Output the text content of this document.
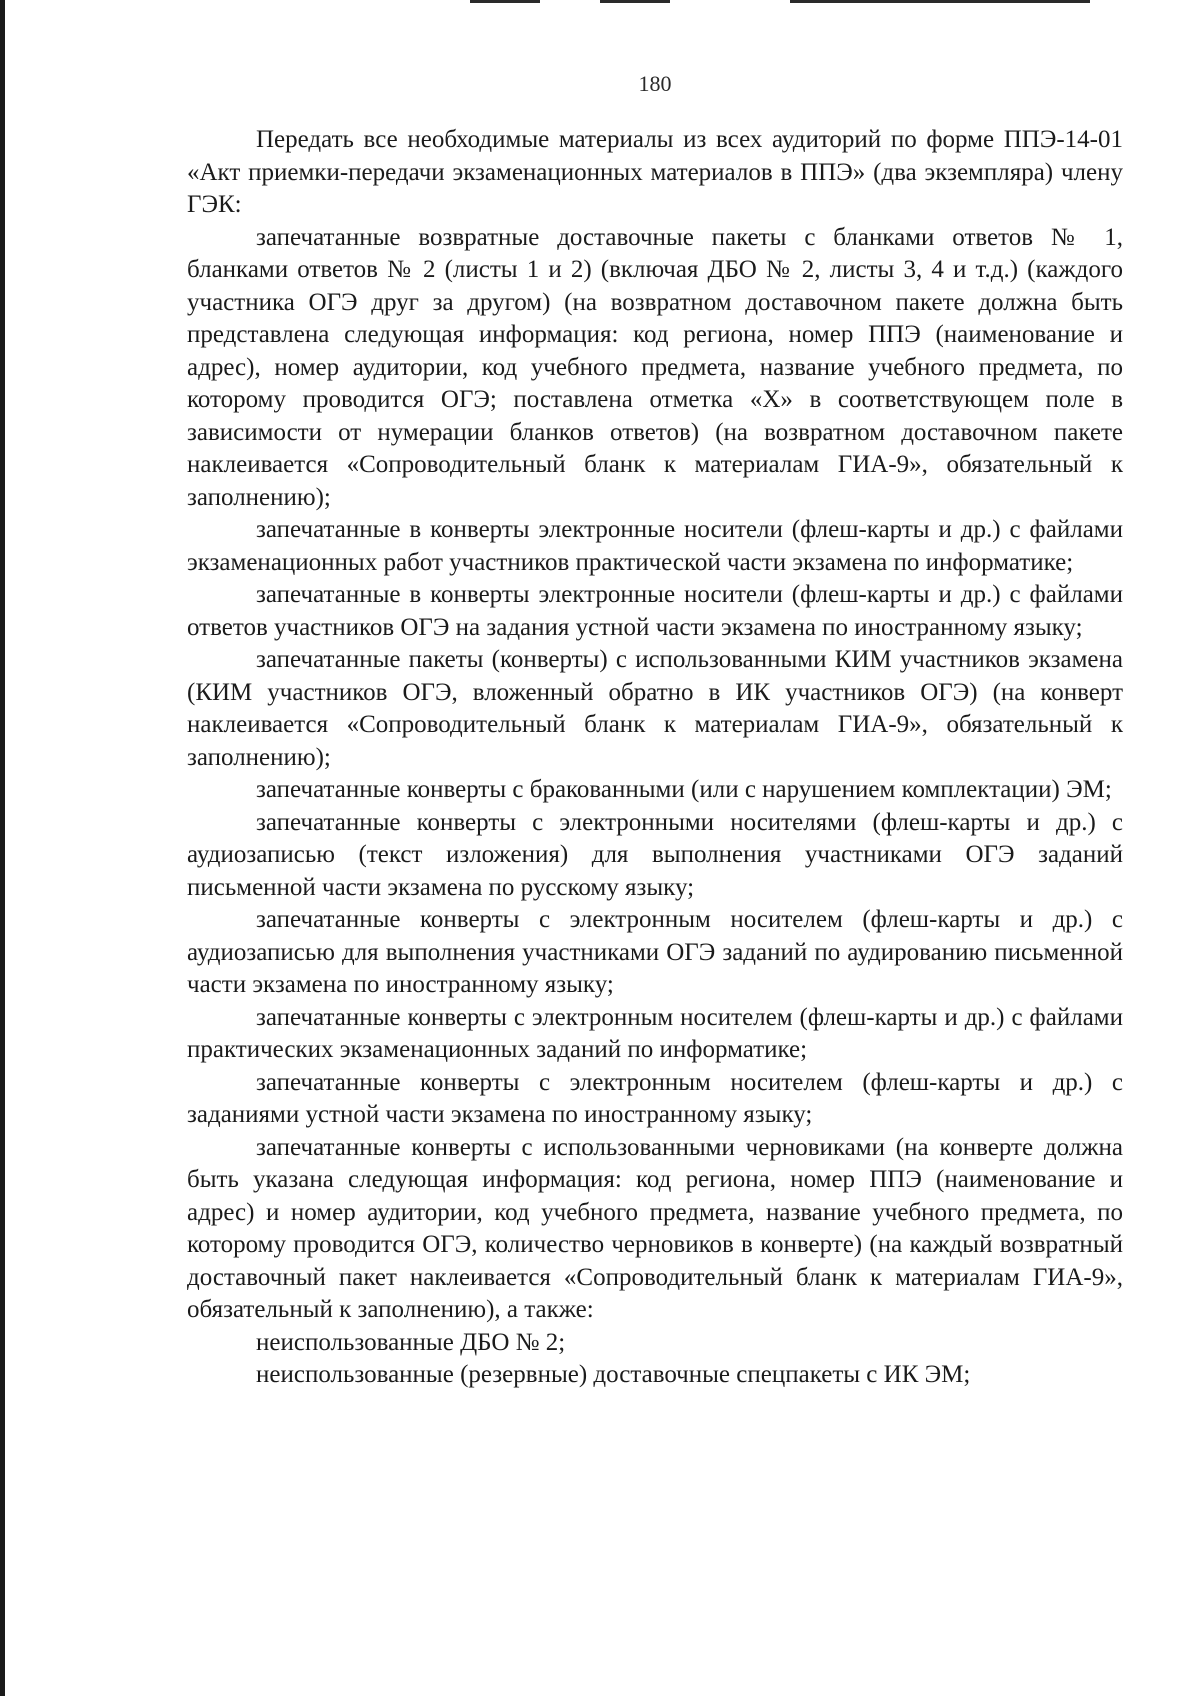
180

Передать все необходимые материалы из всех аудиторий по форме ППЭ-14-01 «Акт приемки-передачи экзаменационных материалов в ППЭ» (два экземпляра) члену ГЭК:

запечатанные возвратные доставочные пакеты с бланками ответов № 1, бланками ответов № 2 (листы 1 и 2) (включая ДБО № 2, листы 3, 4 и т.д.) (каждого участника ОГЭ друг за другом) (на возвратном доставочном пакете должна быть представлена следующая информация: код региона, номер ППЭ (наименование и адрес), номер аудитории, код учебного предмета, название учебного предмета, по которому проводится ОГЭ; поставлена отметка «Х» в соответствующем поле в зависимости от нумерации бланков ответов) (на возвратном доставочном пакете наклеивается «Сопроводительный бланк к материалам ГИА-9», обязательный к заполнению);

запечатанные в конверты электронные носители (флеш-карты и др.) с файлами экзаменационных работ участников практической части экзамена по информатике;

запечатанные в конверты электронные носители (флеш-карты и др.) с файлами ответов участников ОГЭ на задания устной части экзамена по иностранному языку;

запечатанные пакеты (конверты) с использованными КИМ участников экзамена (КИМ участников ОГЭ, вложенный обратно в ИК участников ОГЭ) (на конверт наклеивается «Сопроводительный бланк к материалам ГИА-9», обязательный к заполнению);

запечатанные конверты с бракованными (или с нарушением комплектации) ЭМ;

запечатанные конверты с электронными носителями (флеш-карты и др.) с аудиозаписью (текст изложения) для выполнения участниками ОГЭ заданий письменной части экзамена по русскому языку;

запечатанные конверты с электронным носителем (флеш-карты и др.) с аудиозаписью для выполнения участниками ОГЭ заданий по аудированию письменной части экзамена по иностранному языку;

запечатанные конверты с электронным носителем (флеш-карты и др.) с файлами практических экзаменационных заданий по информатике;

запечатанные конверты с электронным носителем (флеш-карты и др.) с заданиями устной части экзамена по иностранному языку;

запечатанные конверты с использованными черновиками (на конверте должна быть указана следующая информация: код региона, номер ППЭ (наименование и адрес) и номер аудитории, код учебного предмета, название учебного предмета, по которому проводится ОГЭ, количество черновиков в конверте) (на каждый возвратный доставочный пакет наклеивается «Сопроводительный бланк к материалам ГИА-9», обязательный к заполнению), а также:

неиспользованные ДБО № 2;

неиспользованные (резервные) доставочные спецпакеты с ИК ЭМ;
